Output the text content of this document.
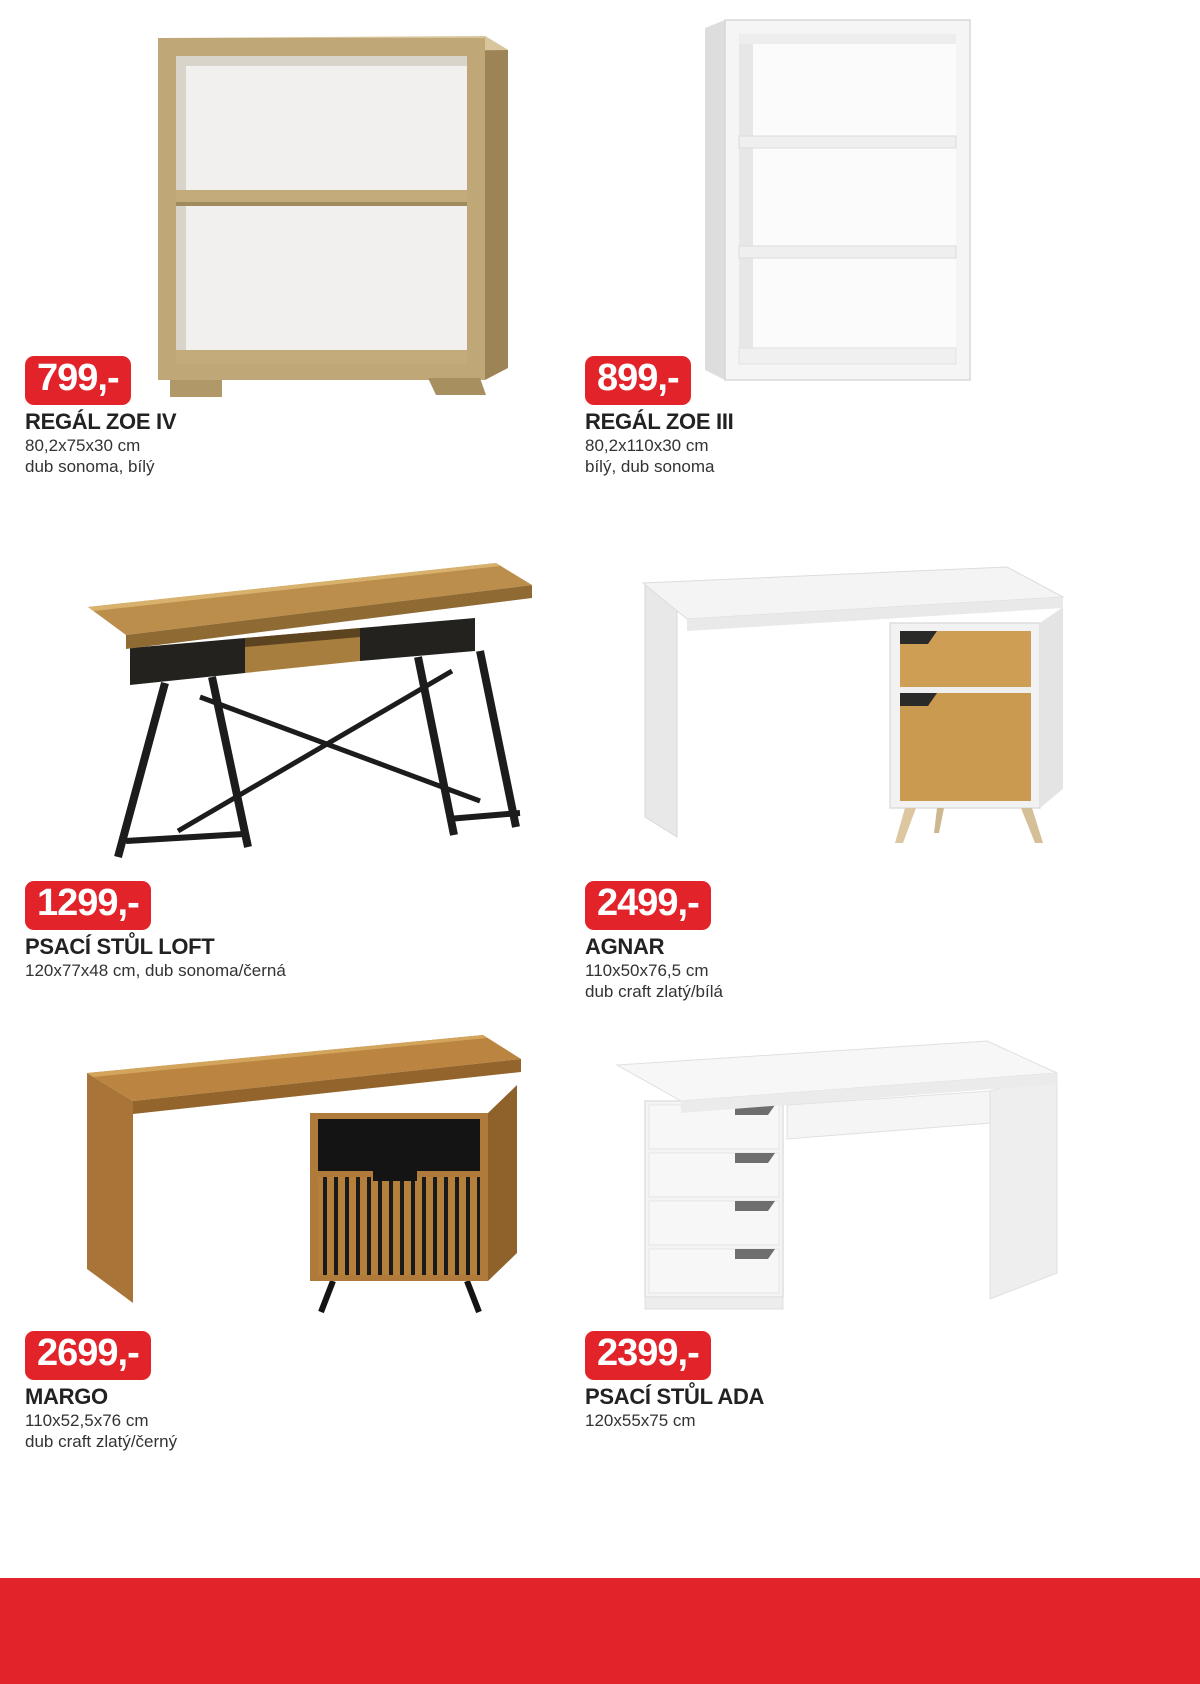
799,-
REGÁL ZOE IV
80,2x75x30 cm
dub sonoma, bílý
899,-
REGÁL ZOE III
80,2x110x30 cm
bílý, dub sonoma
1299,-
PSACÍ STŮL LOFT
120x77x48 cm, dub sonoma/černá
2499,-
AGNAR
110x50x76,5 cm
dub craft zlatý/bílá
2699,-
MARGO
110x52,5x76 cm
dub craft zlatý/černý
2399,-
PSACÍ STŮL ADA
120x55x75 cm
